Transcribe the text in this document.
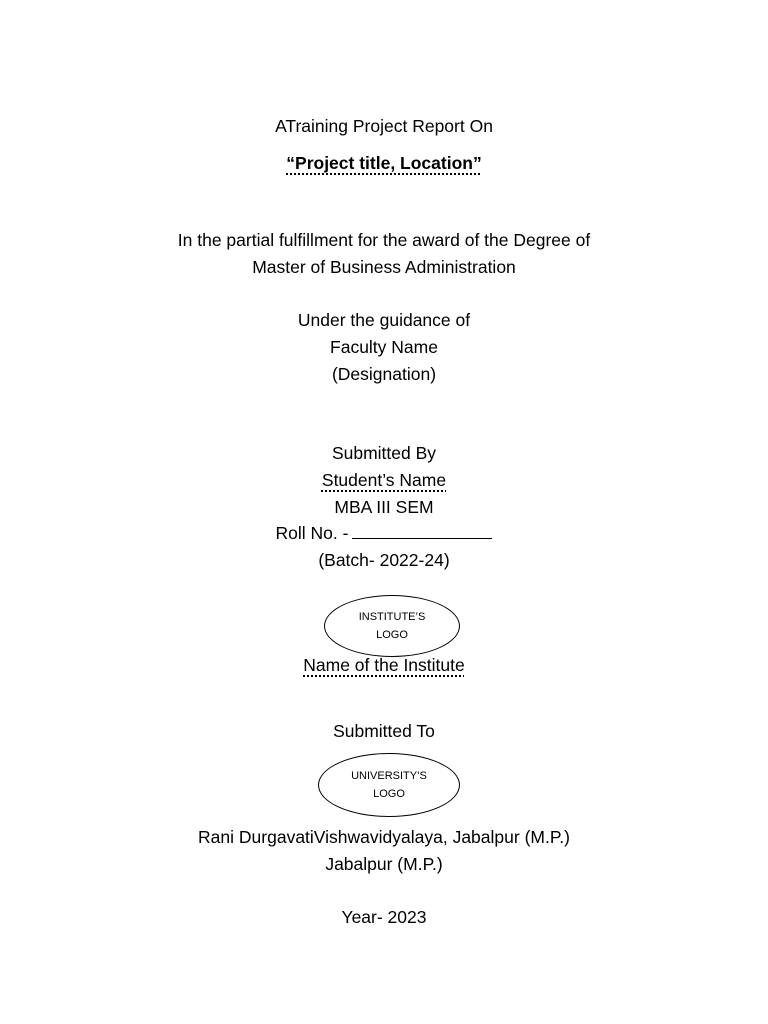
ATraining Project Report On
“Project title, Location”
In the partial fulfillment for the award of the Degree of
Master of Business Administration
Under the guidance of
Faculty Name
(Designation)
Submitted By
Student’s Name
MBA III SEM
Roll No. -
(Batch- 2022-24)
INSTITUTE’S
LOGO
Name of the Institute
Submitted To
UNIVERSITY’S
LOGO
Rani DurgavatiVishwavidyalaya, Jabalpur (M.P.)
Jabalpur (M.P.)
Year- 2023
